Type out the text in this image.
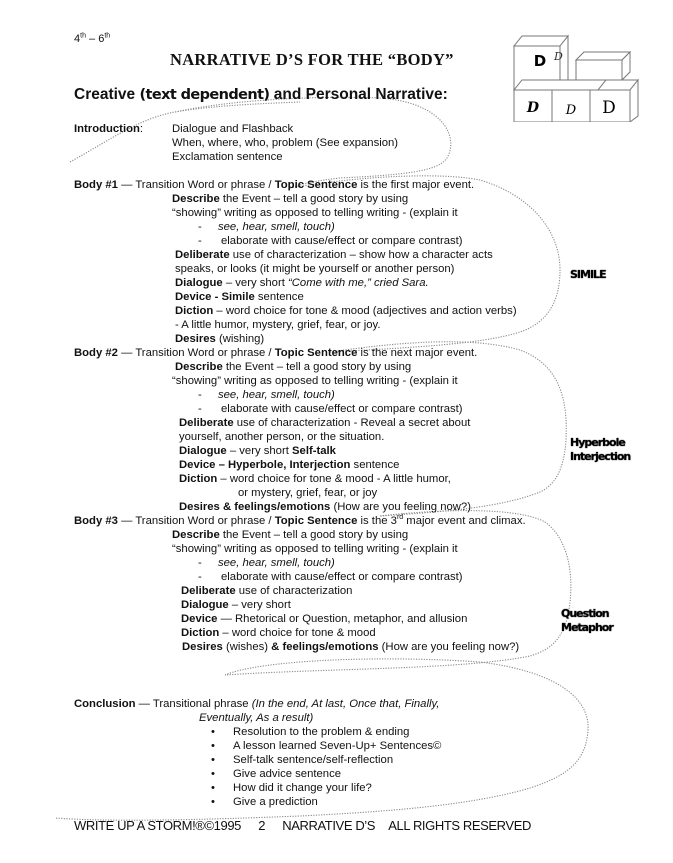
4th – 6th
NARRATIVE D’S FOR THE “BODY”
Creative (text dependent) and Personal Narrative:
D D
D D D
Introduction:	Dialogue and Flashback
When, where, who, problem (See expansion)
Exclamation sentence
Body #1 — Transition Word or phrase / Topic Sentence is the first major event.
Describe the Event – tell a good story by using
“showing” writing as opposed to telling writing - (explain it
- see, hear, smell, touch)
- elaborate with cause/effect or compare contrast)
Deliberate use of characterization – show how a character acts
speaks, or looks (it might be yourself or another person)
Dialogue – very short “Come with me,” cried Sara.
Device - Simile sentence
Diction – word choice for tone & mood (adjectives and action verbs)
- A little humor, mystery, grief, fear, or joy.
Desires (wishing)
SIMILE
Body #2 — Transition Word or phrase / Topic Sentence is the next major event.
Describe the Event – tell a good story by using
“showing” writing as opposed to telling writing - (explain it
- see, hear, smell, touch)
- elaborate with cause/effect or compare contrast)
Deliberate use of characterization - Reveal a secret about
yourself, another person, or the situation.
Dialogue – very short Self-talk
Device – Hyperbole, Interjection sentence
Diction – word choice for tone & mood - A little humor,
or mystery, grief, fear, or joy
Desires & feelings/emotions (How are you feeling now?)
Hyperbole
Interjection
Body #3 — Transition Word or phrase / Topic Sentence is the 3rd major event and climax.
Describe the Event – tell a good story by using
“showing” writing as opposed to telling writing - (explain it
- see, hear, smell, touch)
- elaborate with cause/effect or compare contrast)
Deliberate use of characterization
Dialogue – very short
Device — Rhetorical or Question, metaphor, and allusion
Diction – word choice for tone & mood
Desires (wishes) & feelings/emotions (How are you feeling now?)
Question
Metaphor
Conclusion — Transitional phrase (In the end, At last, Once that, Finally,
Eventually, As a result)
• Resolution to the problem & ending
• A lesson learned Seven-Up+ Sentences©
• Self-talk sentence/self-reflection
• Give advice sentence
• How did it change your life?
• Give a prediction
WRITE UP A STORM!®©1995 2 NARRATIVE D’S ALL RIGHTS RESERVED
